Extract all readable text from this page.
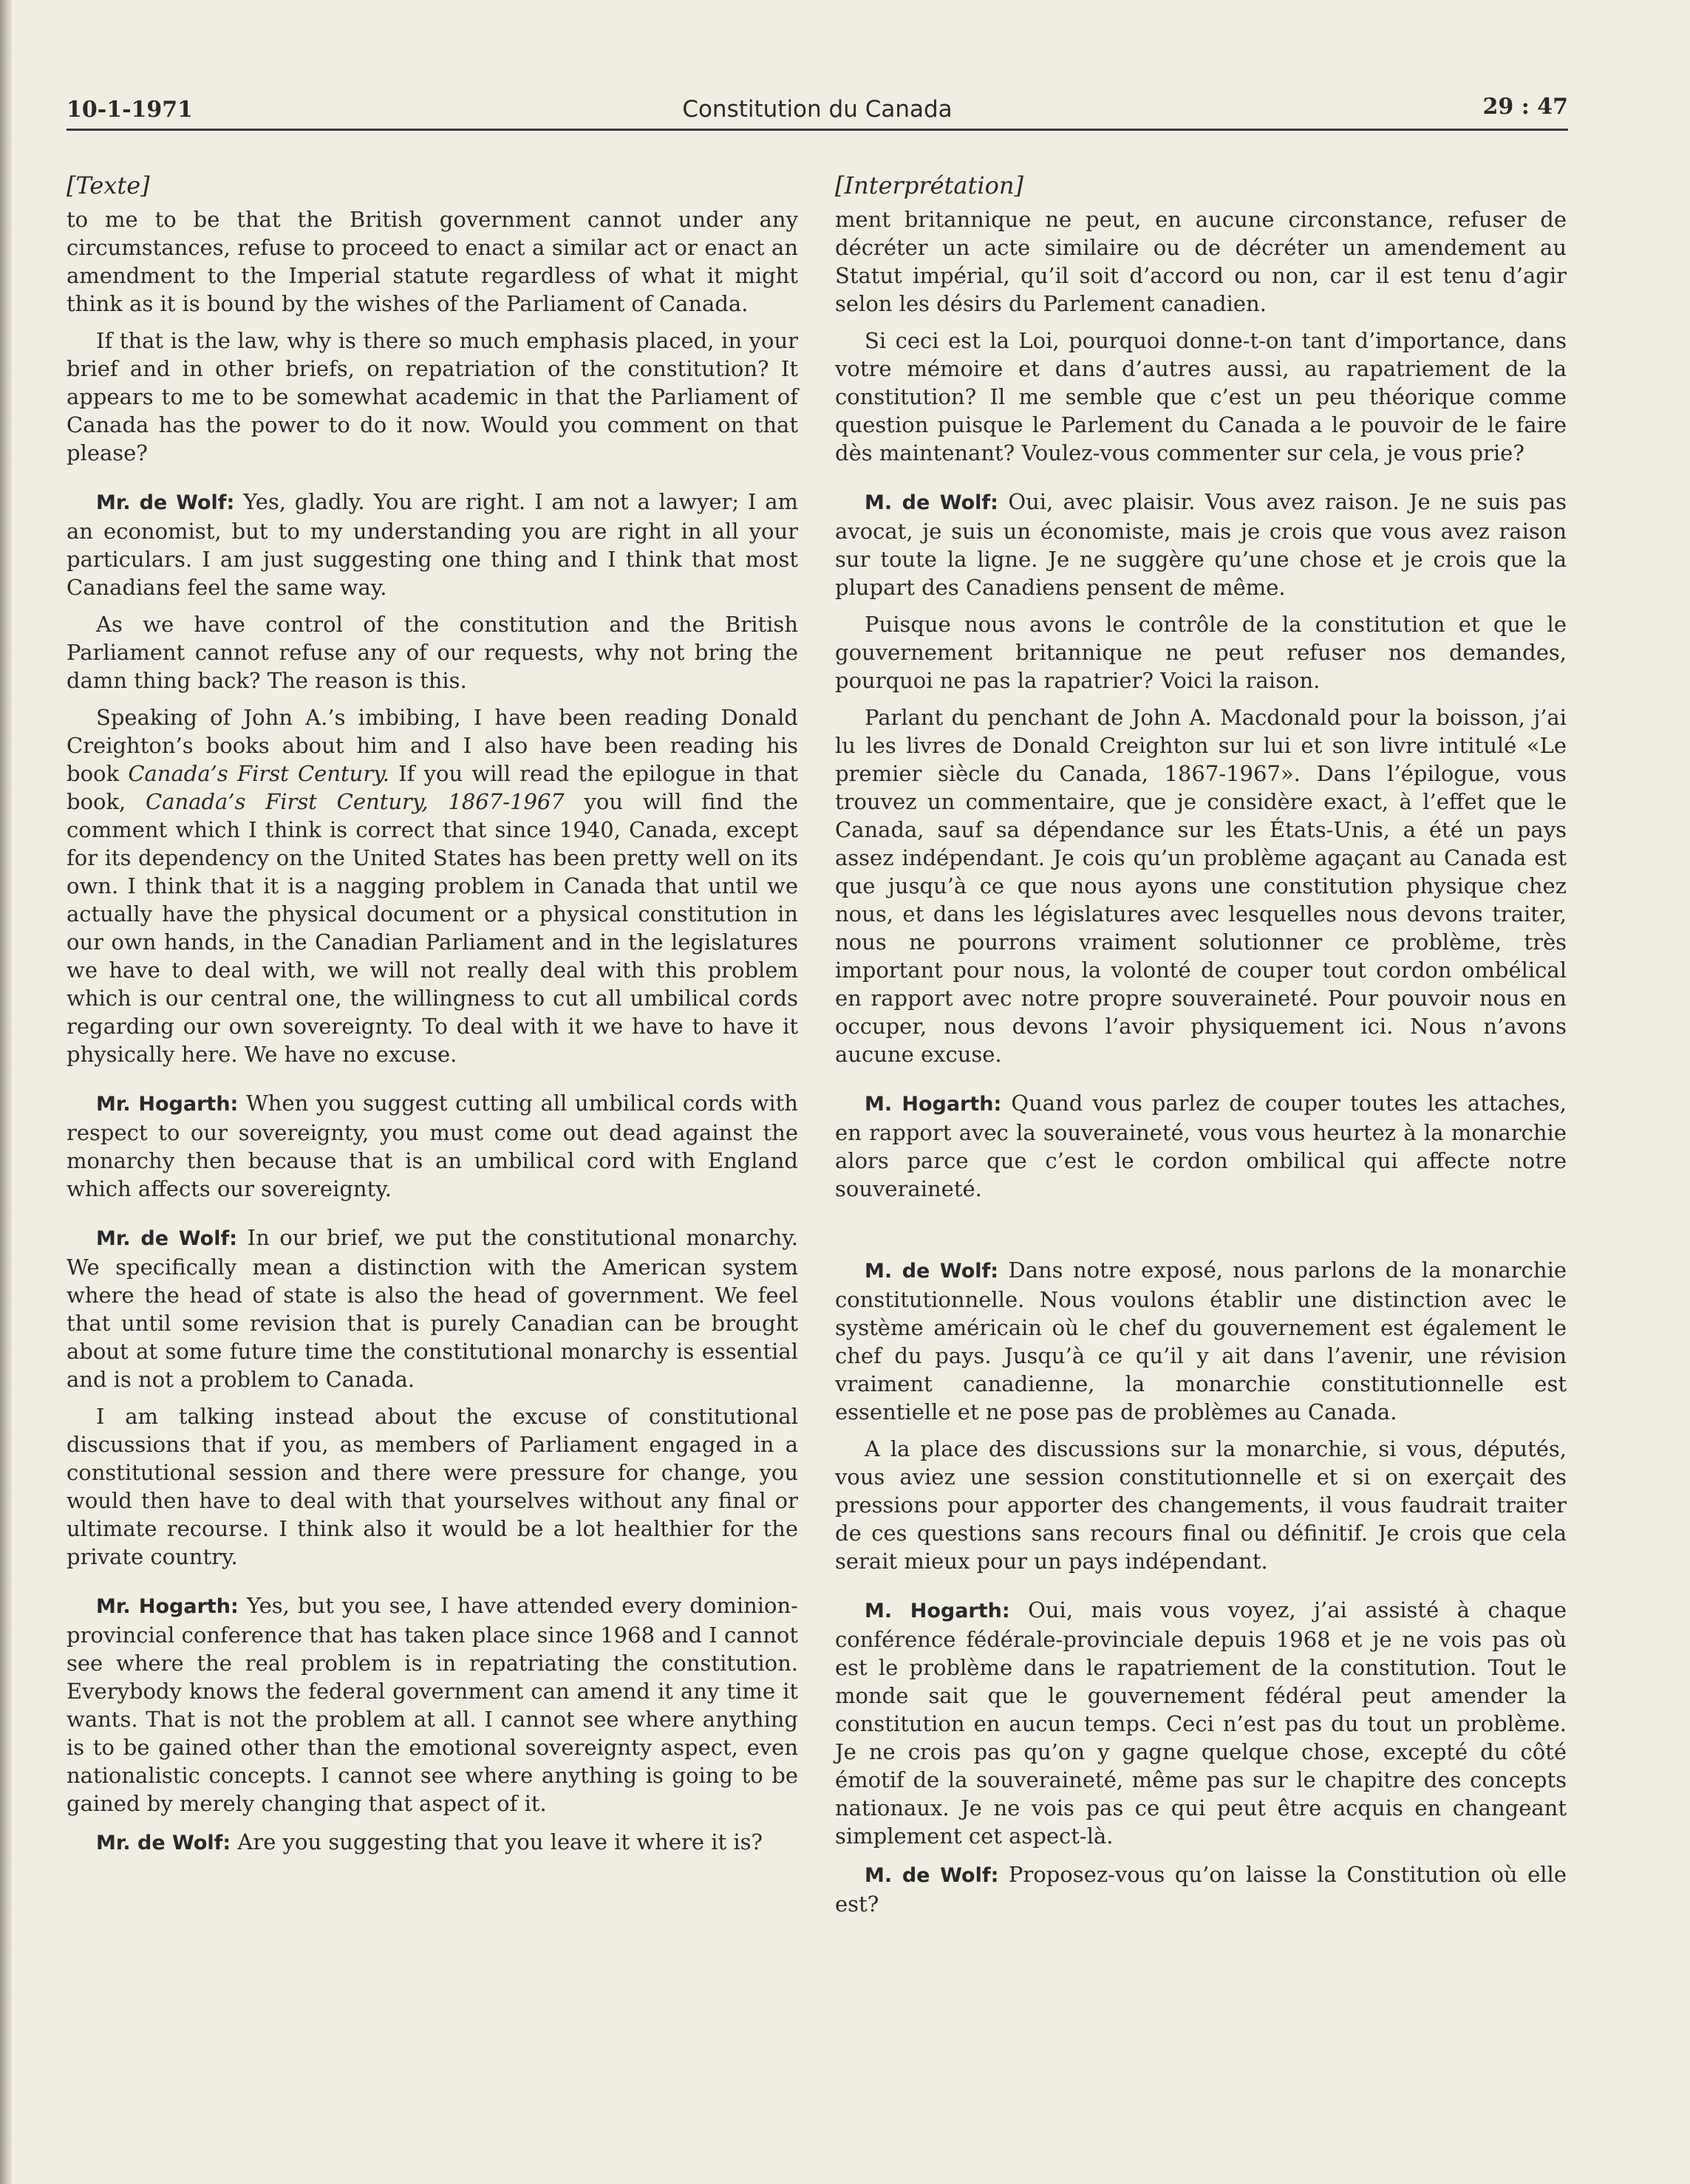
10-1-1971	Constitution du Canada	29 : 47
[Texte]

to me to be that the British government cannot under any circumstances, refuse to proceed to enact a similar act or enact an amendment to the Imperial statute regardless of what it might think as it is bound by the wishes of the Parliament of Canada.

If that is the law, why is there so much emphasis placed, in your brief and in other briefs, on repatriation of the constitution? It appears to me to be somewhat academic in that the Parliament of Canada has the power to do it now. Would you comment on that please?

Mr. de Wolf: Yes, gladly. You are right. I am not a lawyer; I am an economist, but to my understanding you are right in all your particulars. I am just suggesting one thing and I think that most Canadians feel the same way.

As we have control of the constitution and the British Parliament cannot refuse any of our requests, why not bring the damn thing back? The reason is this.

Speaking of John A.’s imbibing, I have been reading Donald Creighton’s books about him and I also have been reading his book Canada’s First Century. If you will read the epilogue in that book, Canada’s First Century, 1867-1967 you will find the comment which I think is correct that since 1940, Canada, except for its dependency on the United States has been pretty well on its own. I think that it is a nagging problem in Canada that until we actually have the physical document or a physical constitution in our own hands, in the Canadian Parliament and in the legislatures we have to deal with, we will not really deal with this problem which is our central one, the willingness to cut all umbilical cords regarding our own sovereignty. To deal with it we have to have it physically here. We have no excuse.

Mr. Hogarth: When you suggest cutting all umbilical cords with respect to our sovereignty, you must come out dead against the monarchy then because that is an umbilical cord with England which affects our sovereignty.

Mr. de Wolf: In our brief, we put the constitutional monarchy. We specifically mean a distinction with the American system where the head of state is also the head of government. We feel that until some revision that is purely Canadian can be brought about at some future time the constitutional monarchy is essential and is not a problem to Canada.

I am talking instead about the excuse of constitutional discussions that if you, as members of Parliament engaged in a constitutional session and there were pressure for change, you would then have to deal with that yourselves without any final or ultimate recourse. I think also it would be a lot healthier for the private country.

Mr. Hogarth: Yes, but you see, I have attended every dominion-provincial conference that has taken place since 1968 and I cannot see where the real problem is in repatriating the constitution. Everybody knows the federal government can amend it any time it wants. That is not the problem at all. I cannot see where anything is to be gained other than the emotional sovereignty aspect, even nationalistic concepts. I cannot see where anything is going to be gained by merely changing that aspect of it.

Mr. de Wolf: Are you suggesting that you leave it where it is?

[Interprétation]

ment britannique ne peut, en aucune circonstance, refuser de décréter un acte similaire ou de décréter un amendement au Statut impérial, qu’il soit d’accord ou non, car il est tenu d’agir selon les désirs du Parlement canadien.

Si ceci est la Loi, pourquoi donne-t-on tant d’importance, dans votre mémoire et dans d’autres aussi, au rapatriement de la constitution? Il me semble que c’est un peu théorique comme question puisque le Parlement du Canada a le pouvoir de le faire dès maintenant? Voulez-vous commenter sur cela, je vous prie?

M. de Wolf: Oui, avec plaisir. Vous avez raison. Je ne suis pas avocat, je suis un économiste, mais je crois que vous avez raison sur toute la ligne. Je ne suggère qu’une chose et je crois que la plupart des Canadiens pensent de même.

Puisque nous avons le contrôle de la constitution et que le gouvernement britannique ne peut refuser nos demandes, pourquoi ne pas la rapatrier? Voici la raison.

Parlant du penchant de John A. Macdonald pour la boisson, j’ai lu les livres de Donald Creighton sur lui et son livre intitulé «Le premier siècle du Canada, 1867-1967». Dans l’épilogue, vous trouvez un commentaire, que je considère exact, à l’effet que le Canada, sauf sa dépendance sur les États-Unis, a été un pays assez indépendant. Je cois qu’un problème agaçant au Canada est que jusqu’à ce que nous ayons une constitution physique chez nous, et dans les législatures avec lesquelles nous devons traiter, nous ne pourrons vraiment solutionner ce problème, très important pour nous, la volonté de couper tout cordon ombélical en rapport avec notre propre souveraineté. Pour pouvoir nous en occuper, nous devons l’avoir physiquement ici. Nous n’avons aucune excuse.

M. Hogarth: Quand vous parlez de couper toutes les attaches, en rapport avec la souveraineté, vous vous heurtez à la monarchie alors parce que c’est le cordon ombilical qui affecte notre souveraineté.

M. de Wolf: Dans notre exposé, nous parlons de la monarchie constitutionnelle. Nous voulons établir une distinction avec le système américain où le chef du gouvernement est également le chef du pays. Jusqu’à ce qu’il y ait dans l’avenir, une révision vraiment canadienne, la monarchie constitutionnelle est essentielle et ne pose pas de problèmes au Canada.

A la place des discussions sur la monarchie, si vous, députés, vous aviez une session constitutionnelle et si on exerçait des pressions pour apporter des changements, il vous faudrait traiter de ces questions sans recours final ou définitif. Je crois que cela serait mieux pour un pays indépendant.

M. Hogarth: Oui, mais vous voyez, j’ai assisté à chaque conférence fédérale-provinciale depuis 1968 et je ne vois pas où est le problème dans le rapatriement de la constitution. Tout le monde sait que le gouvernement fédéral peut amender la constitution en aucun temps. Ceci n’est pas du tout un problème. Je ne crois pas qu’on y gagne quelque chose, excepté du côté émotif de la souveraineté, même pas sur le chapitre des concepts nationaux. Je ne vois pas ce qui peut être acquis en changeant simplement cet aspect-là.

M. de Wolf: Proposez-vous qu’on laisse la Constitution où elle est?
